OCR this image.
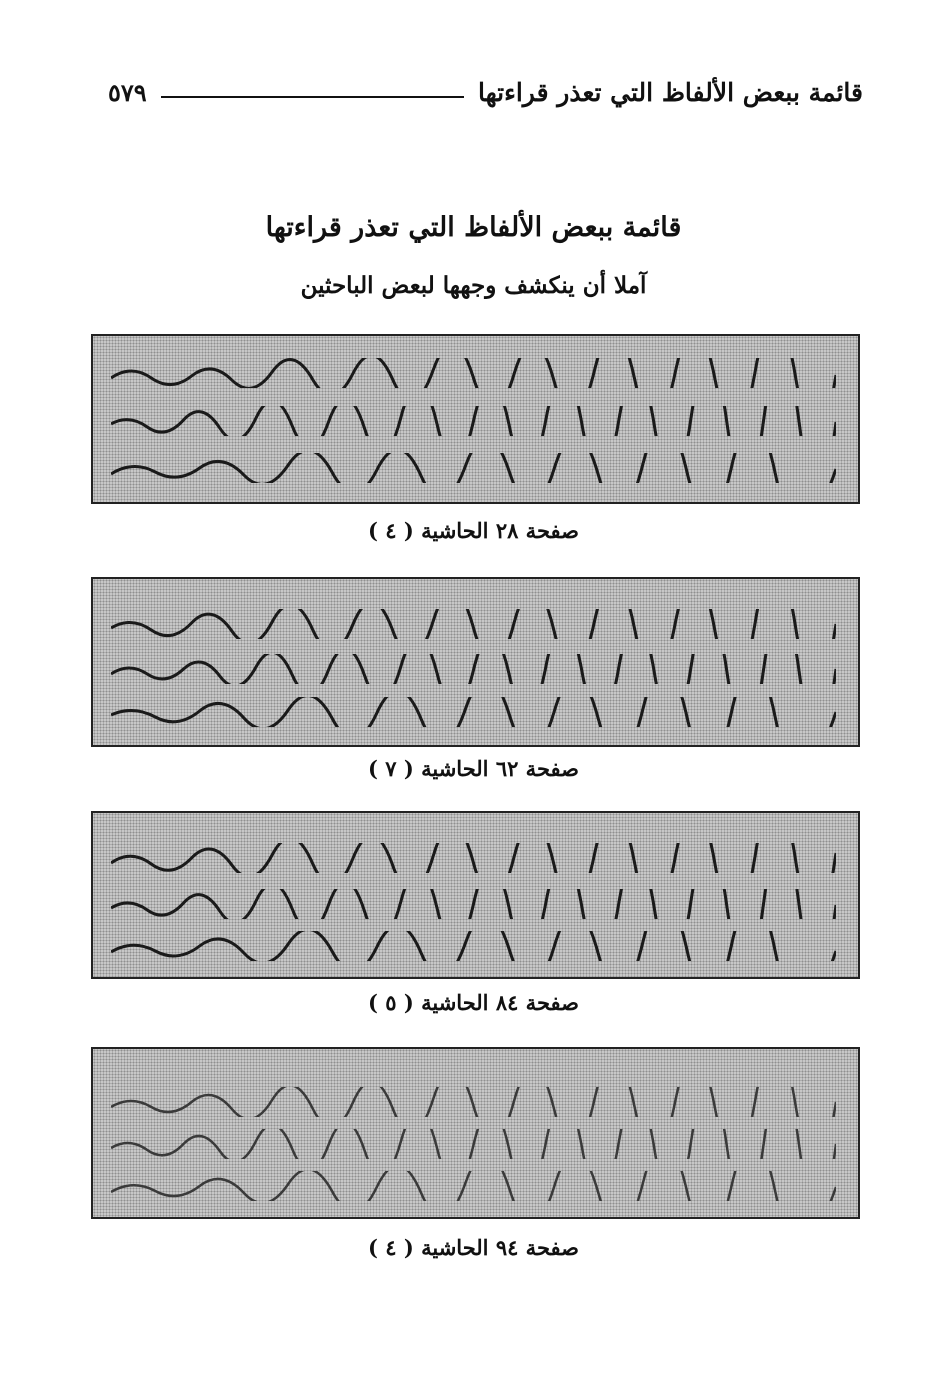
قائمة ببعض الألفاظ التي تعذر قراءتها
٥٧٩
قائمة ببعض الألفاظ التي تعذر قراءتها
آملا أن ينكشف وجهها لبعض الباحثين
صفحة ٢٨ الحاشية ( ٤ )
صفحة ٦٢ الحاشية ( ٧ )
صفحة ٨٤ الحاشية ( ٥ )
صفحة ٩٤ الحاشية ( ٤ )
